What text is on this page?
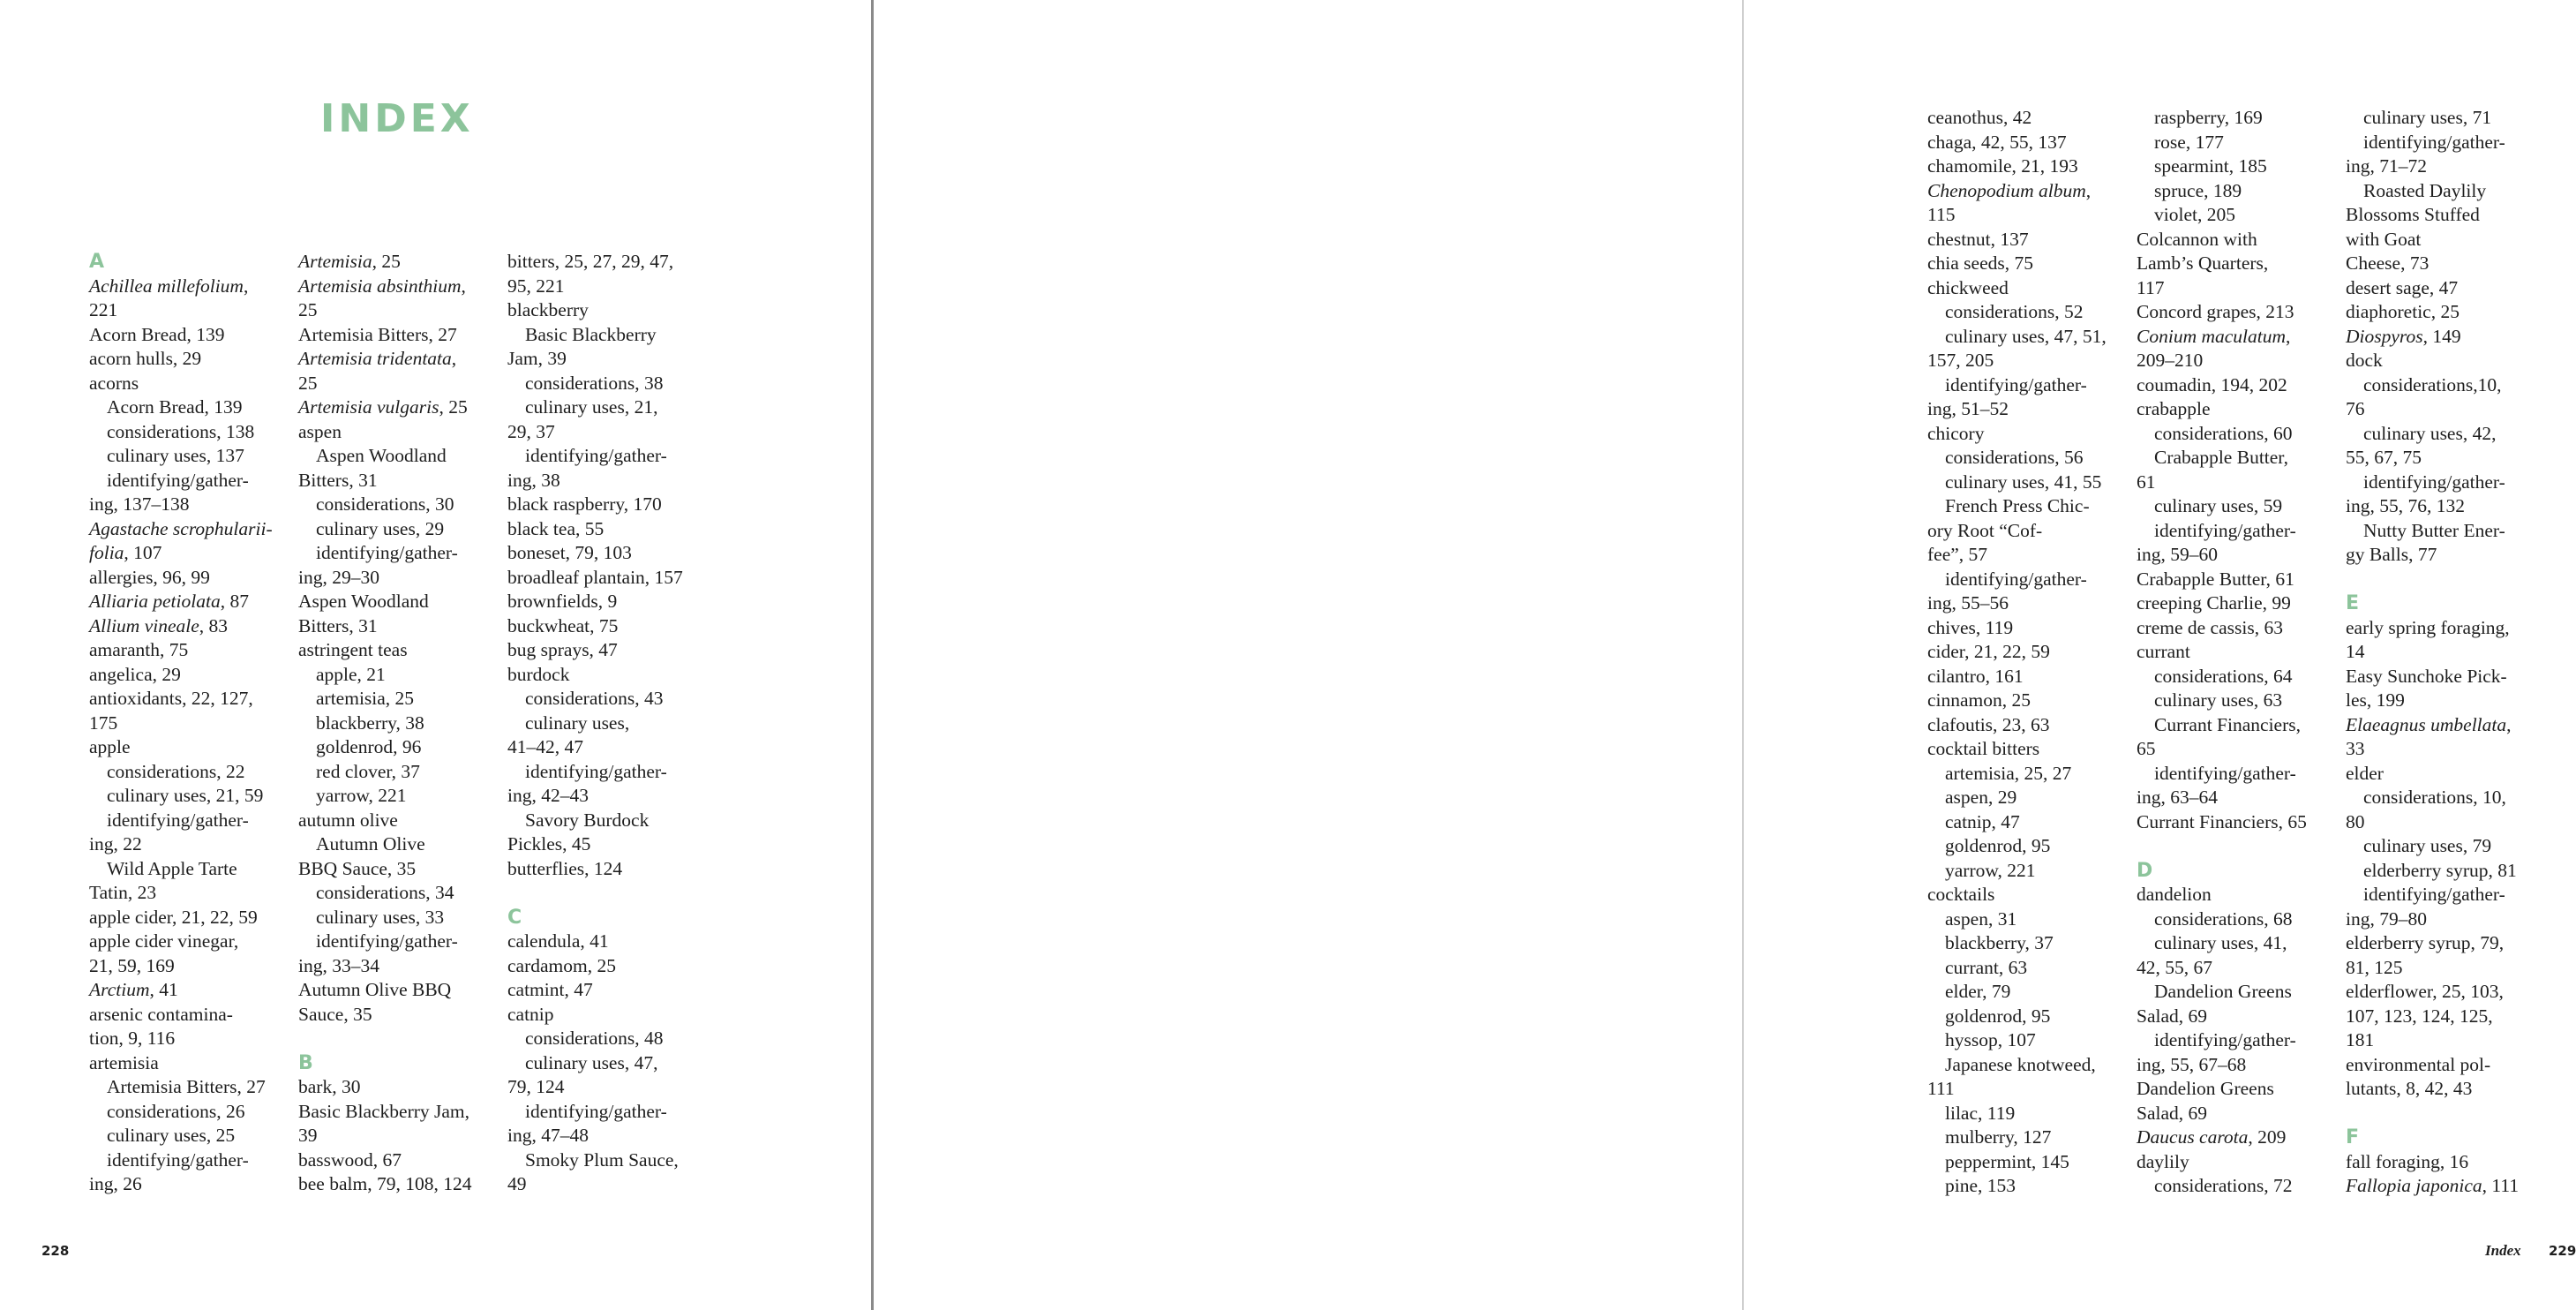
INDEX
A
Achillea millefolium,
221
Acorn Bread, 139
acorn hulls, 29
acorns
Acorn Bread, 139
considerations, 138
culinary uses, 137
identifying/gather-
ing, 137–138
Agastache scrophularii-
folia, 107
allergies, 96, 99
Alliaria petiolata, 87
Allium vineale, 83
amaranth, 75
angelica, 29
antioxidants, 22, 127,
175
apple
considerations, 22
culinary uses, 21, 59
identifying/gather-
ing, 22
Wild Apple Tarte
Tatin, 23
apple cider, 21, 22, 59
apple cider vinegar,
21, 59, 169
Arctium, 41
arsenic contamina-
tion, 9, 116
artemisia
Artemisia Bitters, 27
considerations, 26
culinary uses, 25
identifying/gather-
ing, 26
Artemisia, 25
Artemisia absinthium,
25
Artemisia Bitters, 27
Artemisia tridentata,
25
Artemisia vulgaris, 25
aspen
Aspen Woodland
Bitters, 31
considerations, 30
culinary uses, 29
identifying/gather-
ing, 29–30
Aspen Woodland
Bitters, 31
astringent teas
apple, 21
artemisia, 25
blackberry, 38
goldenrod, 96
red clover, 37
yarrow, 221
autumn olive
Autumn Olive
BBQ Sauce, 35
considerations, 34
culinary uses, 33
identifying/gather-
ing, 33–34
Autumn Olive BBQ
Sauce, 35
B
bark, 30
Basic Blackberry Jam,
39
basswood, 67
bee balm, 79, 108, 124
bitters, 25, 27, 29, 47,
95, 221
blackberry
Basic Blackberry
Jam, 39
considerations, 38
culinary uses, 21,
29, 37
identifying/gather-
ing, 38
black raspberry, 170
black tea, 55
boneset, 79, 103
broadleaf plantain, 157
brownfields, 9
buckwheat, 75
bug sprays, 47
burdock
considerations, 43
culinary uses,
41–42, 47
identifying/gather-
ing, 42–43
Savory Burdock
Pickles, 45
butterflies, 124
C
calendula, 41
cardamom, 25
catmint, 47
catnip
considerations, 48
culinary uses, 47,
79, 124
identifying/gather-
ing, 47–48
Smoky Plum Sauce,
49
228
ceanothus, 42
chaga, 42, 55, 137
chamomile, 21, 193
Chenopodium album,
115
chestnut, 137
chia seeds, 75
chickweed
considerations, 52
culinary uses, 47, 51,
157, 205
identifying/gather-
ing, 51–52
chicory
considerations, 56
culinary uses, 41, 55
French Press Chic-
ory Root “Cof-
fee”, 57
identifying/gather-
ing, 55–56
chives, 119
cider, 21, 22, 59
cilantro, 161
cinnamon, 25
clafoutis, 23, 63
cocktail bitters
artemisia, 25, 27
aspen, 29
catnip, 47
goldenrod, 95
yarrow, 221
cocktails
aspen, 31
blackberry, 37
currant, 63
elder, 79
goldenrod, 95
hyssop, 107
Japanese knotweed,
111
lilac, 119
mulberry, 127
peppermint, 145
pine, 153
raspberry, 169
rose, 177
spearmint, 185
spruce, 189
violet, 205
Colcannon with
Lamb’s Quarters,
117
Concord grapes, 213
Conium maculatum,
209–210
coumadin, 194, 202
crabapple
considerations, 60
Crabapple Butter,
61
culinary uses, 59
identifying/gather-
ing, 59–60
Crabapple Butter, 61
creeping Charlie, 99
creme de cassis, 63
currant
considerations, 64
culinary uses, 63
Currant Financiers,
65
identifying/gather-
ing, 63–64
Currant Financiers, 65
D
dandelion
considerations, 68
culinary uses, 41,
42, 55, 67
Dandelion Greens
Salad, 69
identifying/gather-
ing, 55, 67–68
Dandelion Greens
Salad, 69
Daucus carota, 209
daylily
considerations, 72
culinary uses, 71
identifying/gather-
ing, 71–72
Roasted Daylily
Blossoms Stuffed
with Goat
Cheese, 73
desert sage, 47
diaphoretic, 25
Diospyros, 149
dock
considerations,10,
76
culinary uses, 42,
55, 67, 75
identifying/gather-
ing, 55, 76, 132
Nutty Butter Ener-
gy Balls, 77
E
early spring foraging,
14
Easy Sunchoke Pick-
les, 199
Elaeagnus umbellata,
33
elder
considerations, 10,
80
culinary uses, 79
elderberry syrup, 81
identifying/gather-
ing, 79–80
elderberry syrup, 79,
81, 125
elderflower, 25, 103,
107, 123, 124, 125,
181
environmental pol-
lutants, 8, 42, 43
F
fall foraging, 16
Fallopia japonica, 111
Index 229
